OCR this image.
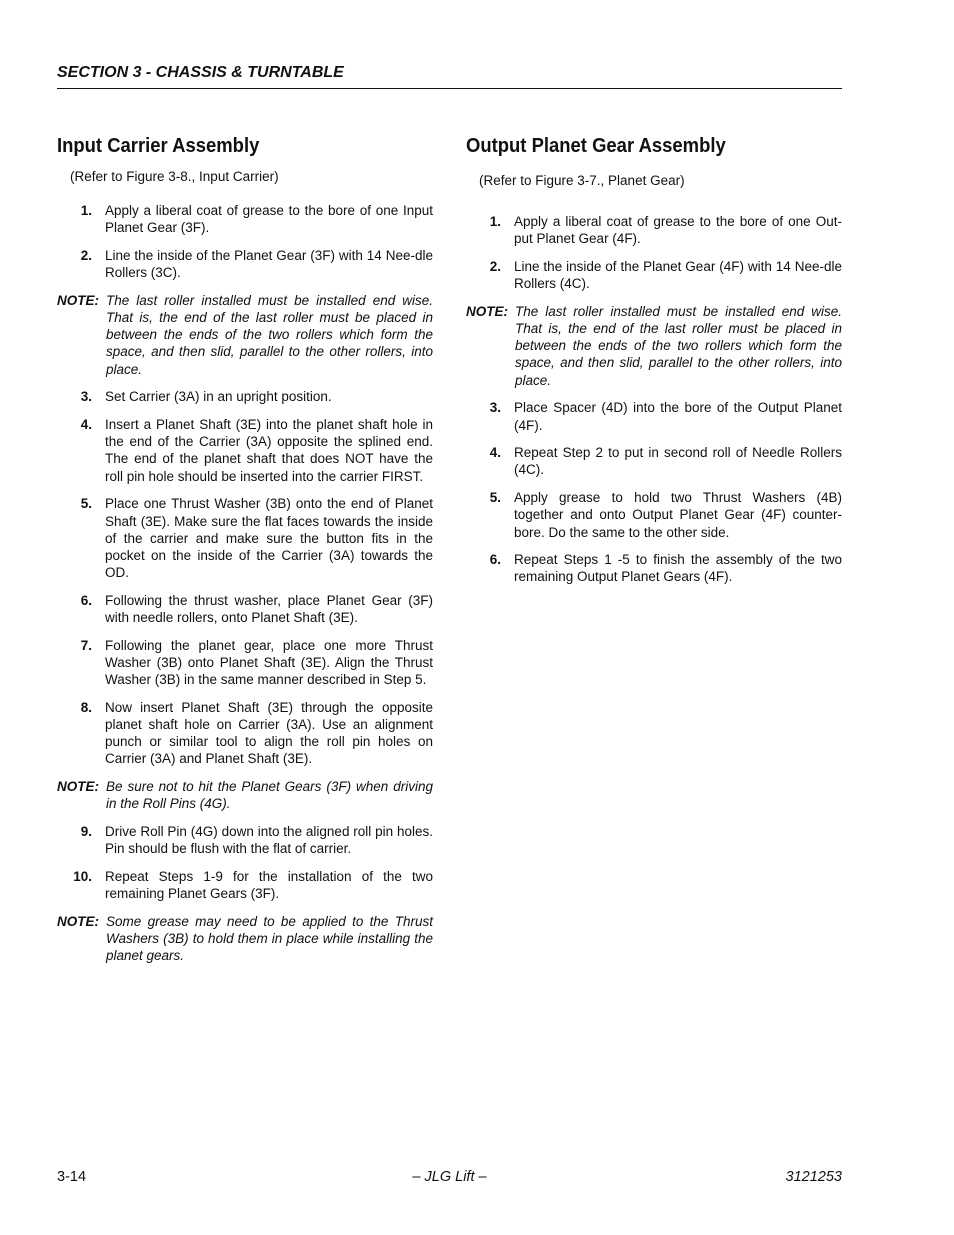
SECTION 3 - CHASSIS & TURNTABLE
Input Carrier Assembly
(Refer to Figure 3-8., Input Carrier)
1. Apply a liberal coat of grease to the bore of one Input Planet Gear (3F).
2. Line the inside of the Planet Gear (3F) with 14 Nee-dle Rollers (3C).
NOTE: The last roller installed must be installed end wise. That is, the end of the last roller must be placed in between the ends of the two rollers which form the space, and then slid, parallel to the other rollers, into place.
3. Set Carrier (3A) in an upright position.
4. Insert a Planet Shaft (3E) into the planet shaft hole in the end of the Carrier (3A) opposite the splined end. The end of the planet shaft that does NOT have the roll pin hole should be inserted into the carrier FIRST.
5. Place one Thrust Washer (3B) onto the end of Planet Shaft (3E). Make sure the flat faces towards the inside of the carrier and make sure the button fits in the pocket on the inside of the Carrier (3A) towards the OD.
6. Following the thrust washer, place Planet Gear (3F) with needle rollers, onto Planet Shaft (3E).
7. Following the planet gear, place one more Thrust Washer (3B) onto Planet Shaft (3E). Align the Thrust Washer (3B) in the same manner described in Step 5.
8. Now insert Planet Shaft (3E) through the opposite planet shaft hole on Carrier (3A). Use an alignment punch or similar tool to align the roll pin holes on Carrier (3A) and Planet Shaft (3E).
NOTE: Be sure not to hit the Planet Gears (3F) when driving in the Roll Pins (4G).
9. Drive Roll Pin (4G) down into the aligned roll pin holes. Pin should be flush with the flat of carrier.
10. Repeat Steps 1-9 for the installation of the two remaining Planet Gears (3F).
NOTE: Some grease may need to be applied to the Thrust Washers (3B) to hold them in place while installing the planet gears.
Output Planet Gear Assembly
(Refer to Figure 3-7., Planet Gear)
1. Apply a liberal coat of grease to the bore of one Out-put Planet Gear (4F).
2. Line the inside of the Planet Gear (4F) with 14 Nee-dle Rollers (4C).
NOTE: The last roller installed must be installed end wise. That is, the end of the last roller must be placed in between the ends of the two rollers which form the space, and then slid, parallel to the other rollers, into place.
3. Place Spacer (4D) into the bore of the Output Planet (4F).
4. Repeat Step 2 to put in second roll of Needle Rollers (4C).
5. Apply grease to hold two Thrust Washers (4B) together and onto Output Planet Gear (4F) counter-bore. Do the same to the other side.
6. Repeat Steps 1 -5 to finish the assembly of the two remaining Output Planet Gears (4F).
3-14	– JLG Lift –	3121253
